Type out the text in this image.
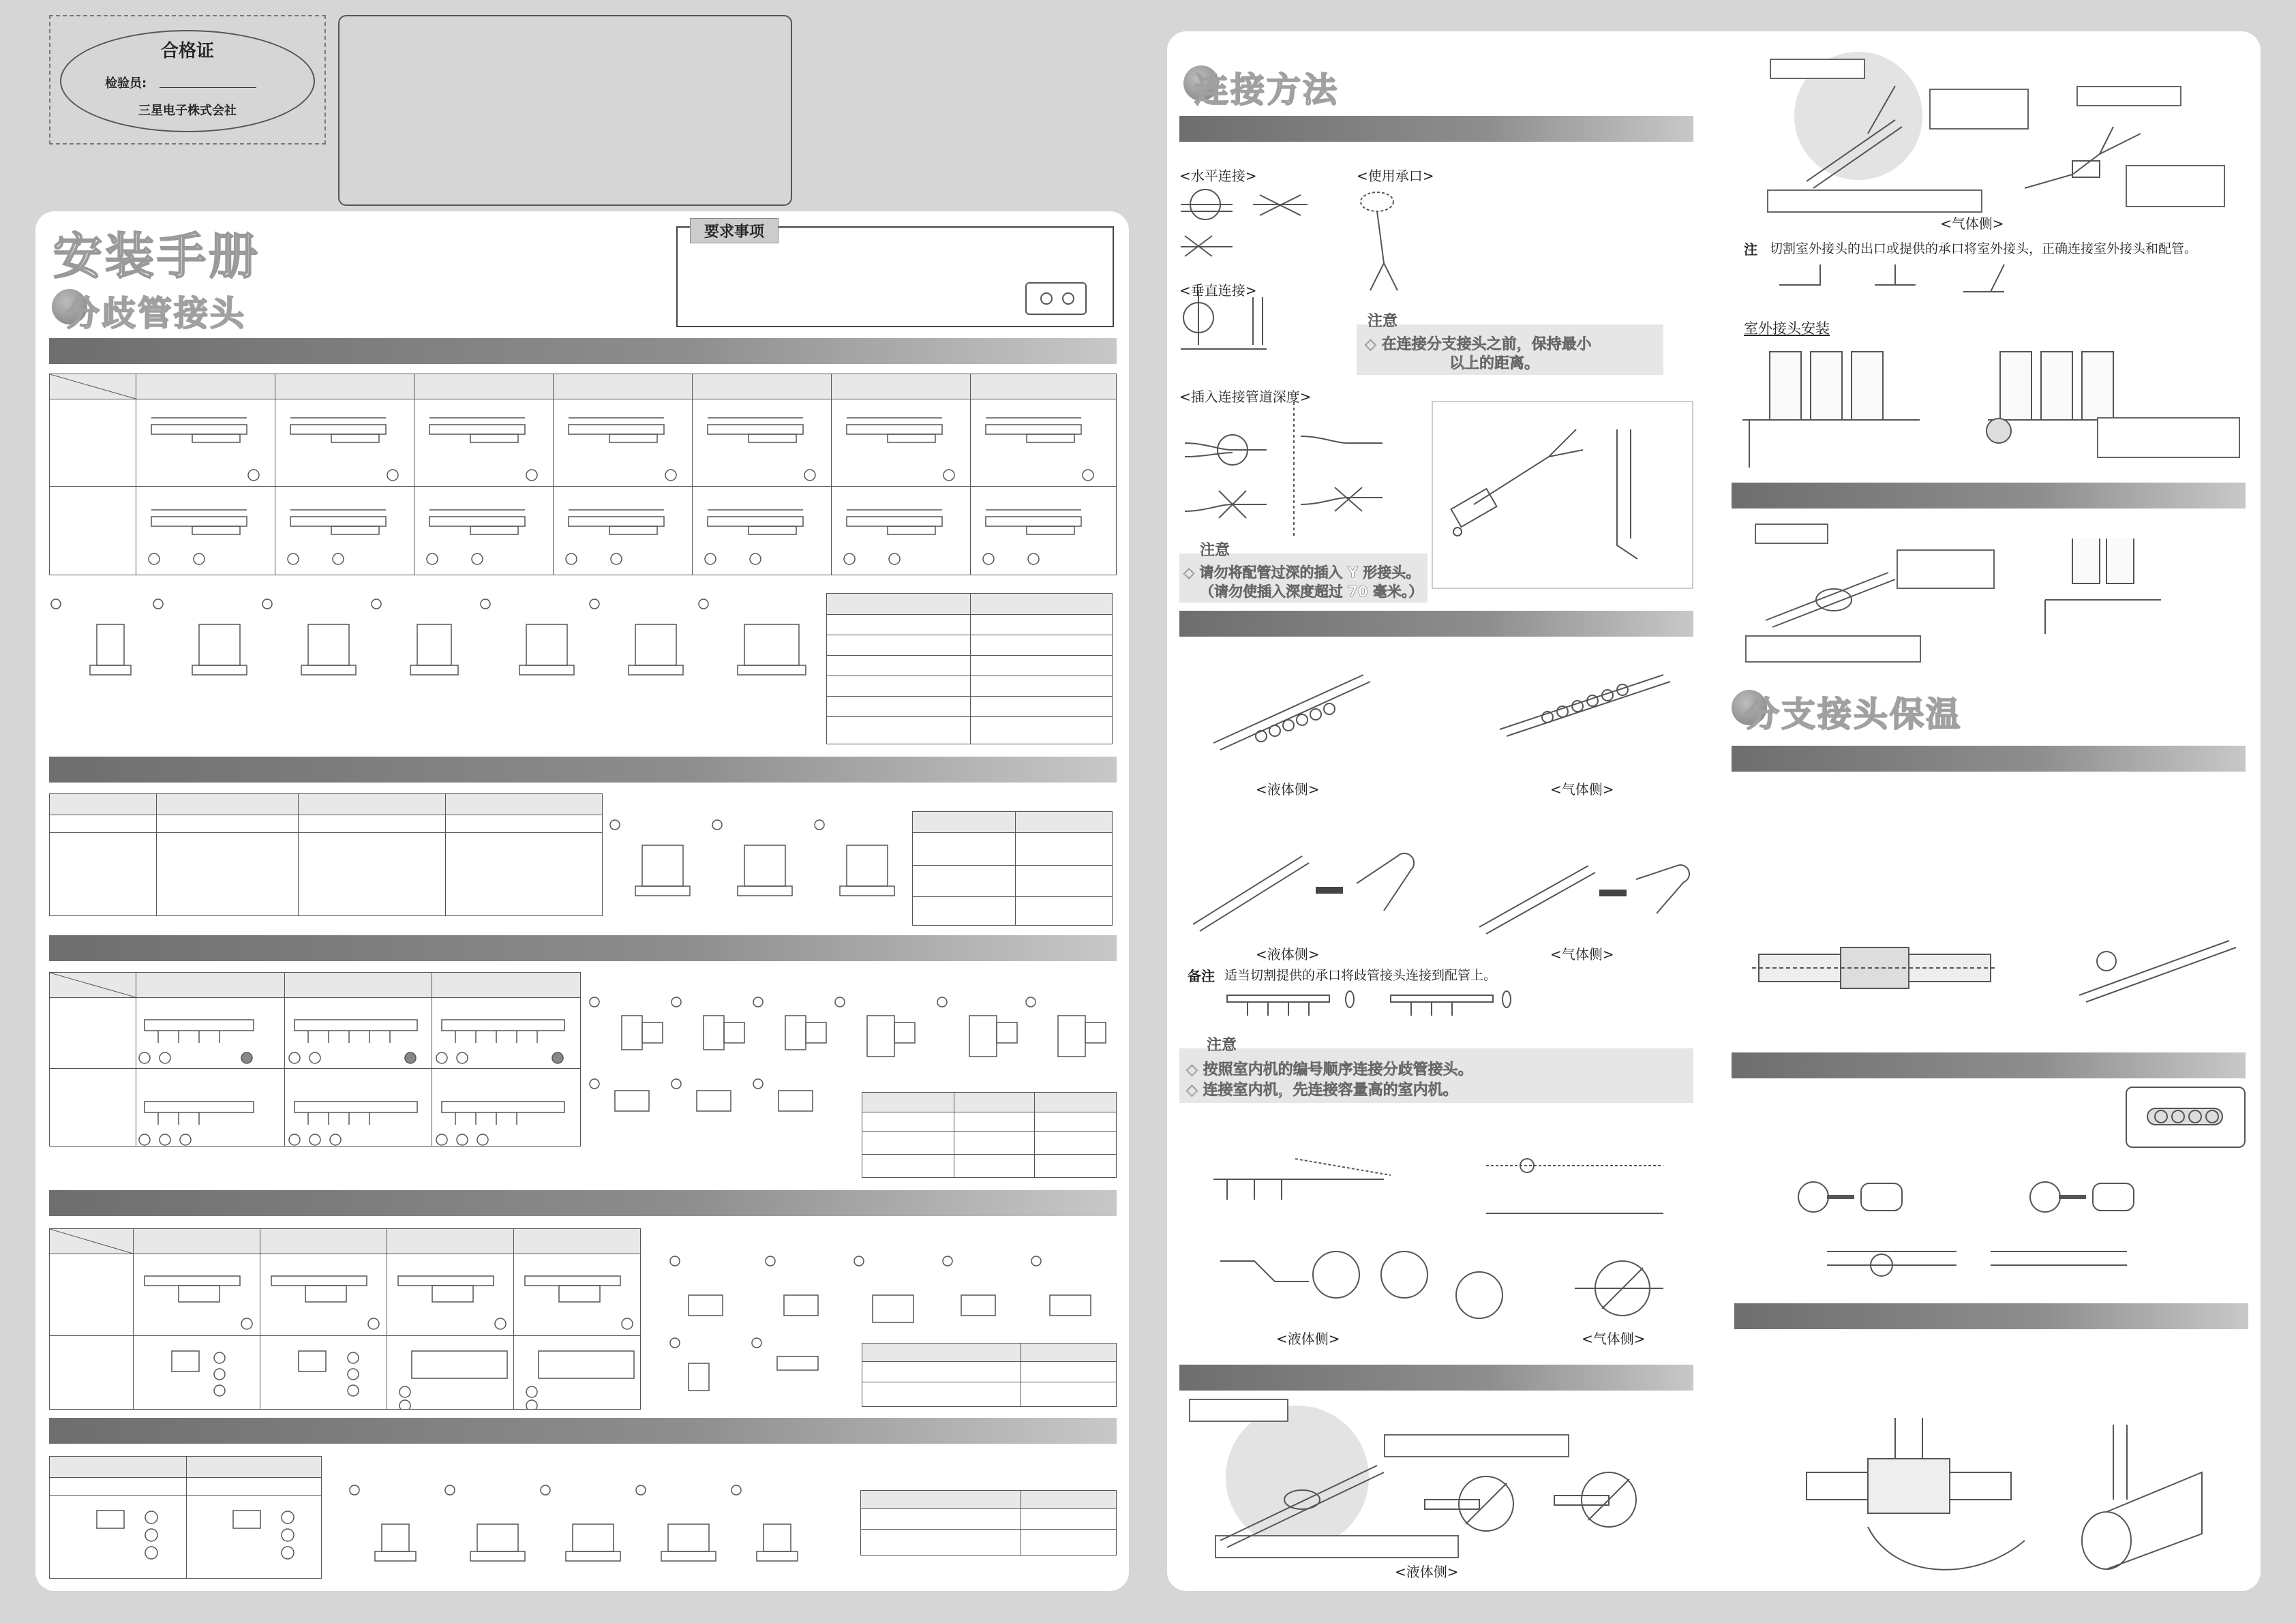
合格证
检验员:
三星电子株式会社
安装手册
分歧管接头
要求事项
连接方法
<水平连接>	<使用承口>
<垂直连接>
注意
◇ 在连接分支接头之前，保持最小
以上的距离。
<插入连接管道深度>
注意
◇ 请勿将配管过深的插入 Y 形接头。
（请勿使插入深度超过 70 毫米。）
<液体侧>	<气体侧>
<液体侧>	<气体侧>
备注 适当切割提供的承口将歧管接头连接到配管上。
注意
◇ 按照室内机的编号顺序连接分歧管接头。
◇ 连接室内机，先连接容量高的室内机。
<液体侧>	<气体侧>
<液体侧>
<气体侧>
注 切割室外接头的出口或提供的承口将室外接头，正确连接室外接头和配管。
室外接头安装
分支接头保温
